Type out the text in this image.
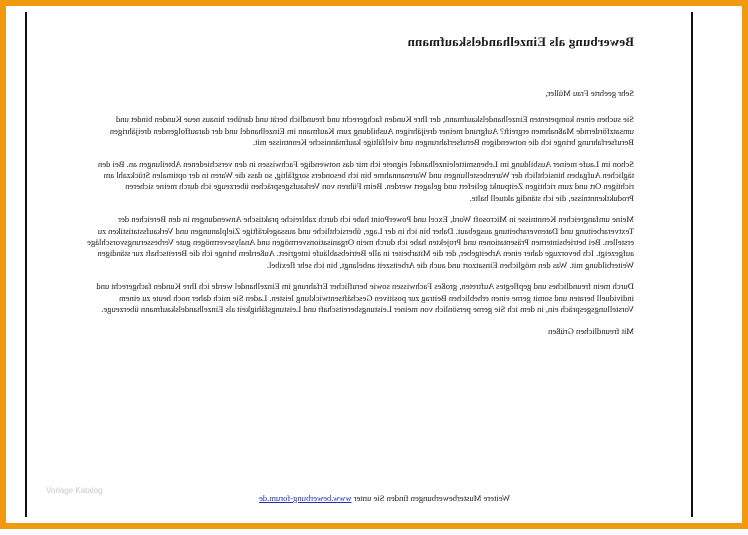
Bewerbung als Einzelhandelskaufmann

Sehr geehrte Frau Müller,

Sie suchen einen kompetenten Einzelhandelskaufmann, der Ihre Kunden fachgerecht und freundlich berät und darüber hinaus neue Kunden bindet und umsatzfördernde Maßnahmen ergreift? Aufgrund meiner dreijährigen Ausbildung zum Kaufmann im Einzelhandel und der darauffolgenden dreijährigen Berufserfahrung bringe ich die notwendigen Berufserfahrungen und vielfältige kaufmännische Kenntnisse mit.

Schon im Laufe meiner Ausbildung im Lebensmitteleinzelhandel eignete ich mir das notwendige Fachwissen in den verschiedenen Abteilungen an. Bei den täglichen Aufgaben hinsichtlich der Warenbestellungen und Warenannahme bin ich besonders sorgfältig, so dass die Waren in der optimalen Stückzahl am richtigen Ort und zum richtigen Zeitpunkt geliefert und gelagert werden. Beim Führen von Verkaufsgesprächen überzeuge ich durch meine sicheren Produktkenntnisse, die ich ständig aktuell halte.

Meine umfangreichen Kenntnisse in Microsoft Word, Excel und PowerPoint habe ich durch zahlreiche praktische Anwendungen in den Bereichen der Textverarbeitung und Datenverarbeitung ausgebaut. Daher bin ich in der Lage, übersichtliche und aussagekräftige Zielplanungen und Verkaufsstatistiken zu erstellen. Bei betriebsinternen Präsentationen und Projekten habe ich durch mein Organisationsvermögen und Analysevermögen gute Verbesserungsvorschläge aufgezeigt. Ich bevorzuge daher einen Arbeitgeber, der die Mitarbeiter in alle Betriebsabläufe integriert. Außerdem bringe ich die Bereitschaft zur ständigen Weiterbildung mit. Was den möglichen Einsatzort und auch die Arbeitszeit anbelangt, bin ich sehr flexibel.

Durch mein freundliches und gepflegtes Auftreten, großes Fachwissen sowie beruflicher Erfahrung im Einzelhandel werde ich Ihre Kunden fachgerecht und individuell beraten und somit gerne einen erheblichen Beitrag zur positiven Geschäftsentwicklung leisten. Laden Sie mich daher noch heute zu einem Vorstellungsgespräch ein, in dem ich Sie gerne persönlich von meiner Leistungsbereitschaft und Leistungsfähigkeit als Einzelhandelskaufmann überzeuge.

Mit freundlichen Grüßen

Weitere Musterbewerbungen finden Sie unter www.bewerbung-forum.de
Vorlage Katalog
